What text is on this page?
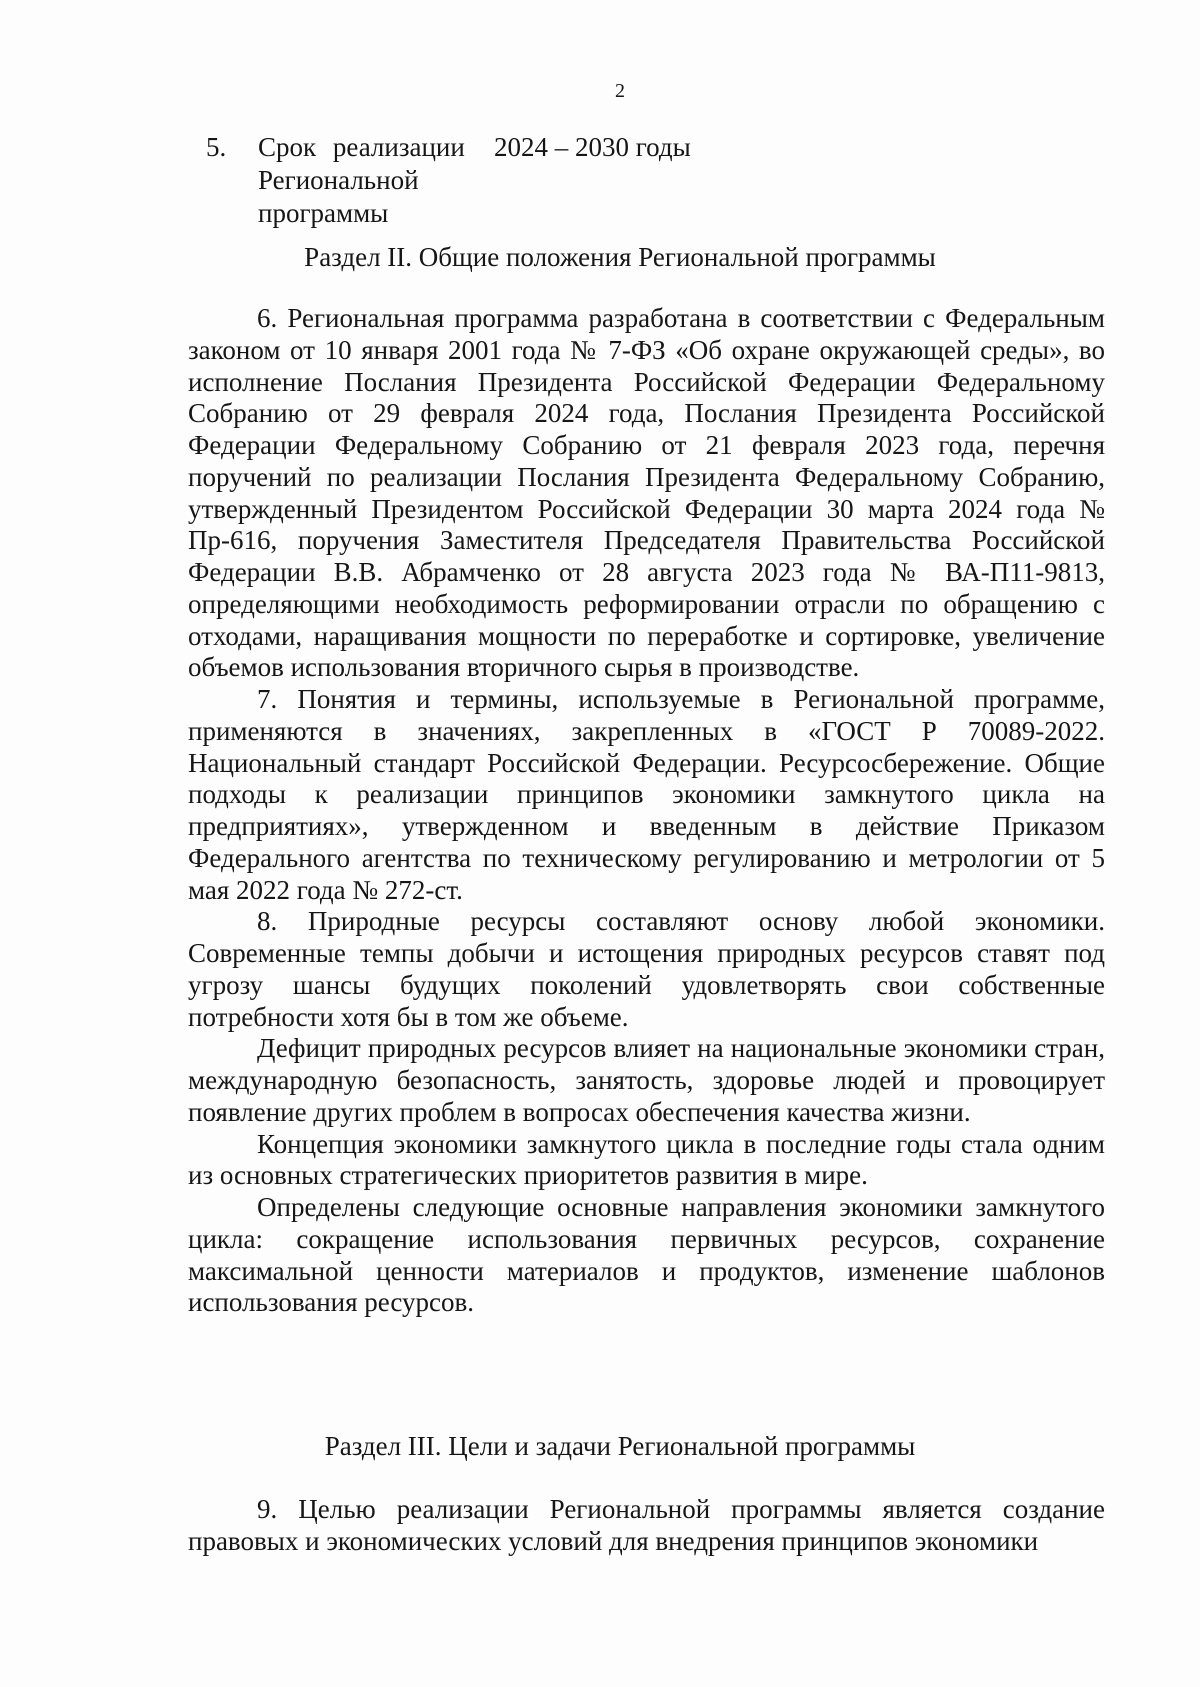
2
5. Срок реализации
Региональной
программы
2024 – 2030 годы
Раздел II. Общие положения Региональной программы

6. Региональная программа разработана в соответствии с Федеральным законом от 10 января 2001 года № 7-ФЗ «Об охране окружающей среды», во исполнение Послания Президента Российской Федерации Федеральному Собранию от 29 февраля 2024 года, Послания Президента Российской Федерации Федеральному Собранию от 21 февраля 2023 года, перечня поручений по реализации Послания Президента Федеральному Собранию, утвержденный Президентом Российской Федерации 30 марта 2024 года № Пр-616, поручения Заместителя Председателя Правительства Российской Федерации В.В. Абрамченко от 28 августа 2023 года № ВА-П11-9813, определяющими необходимость реформировании отрасли по обращению с отходами, наращивания мощности по переработке и сортировке, увеличение объемов использования вторичного сырья в производстве.

7. Понятия и термины, используемые в Региональной программе, применяются в значениях, закрепленных в «ГОСТ Р 70089-2022. Национальный стандарт Российской Федерации. Ресурсосбережение. Общие подходы к реализации принципов экономики замкнутого цикла на предприятиях», утвержденном и введенным в действие Приказом Федерального агентства по техническому регулированию и метрологии от 5 мая 2022 года № 272-ст.

8. Природные ресурсы составляют основу любой экономики. Современные темпы добычи и истощения природных ресурсов ставят под угрозу шансы будущих поколений удовлетворять свои собственные потребности хотя бы в том же объеме.

Дефицит природных ресурсов влияет на национальные экономики стран, международную безопасность, занятость, здоровье людей и провоцирует появление других проблем в вопросах обеспечения качества жизни.

Концепция экономики замкнутого цикла в последние годы стала одним из основных стратегических приоритетов развития в мире.

Определены следующие основные направления экономики замкнутого цикла: сокращение использования первичных ресурсов, сохранение максимальной ценности материалов и продуктов, изменение шаблонов использования ресурсов.

Раздел III. Цели и задачи Региональной программы

9. Целью реализации Региональной программы является создание правовых и экономических условий для внедрения принципов экономики
